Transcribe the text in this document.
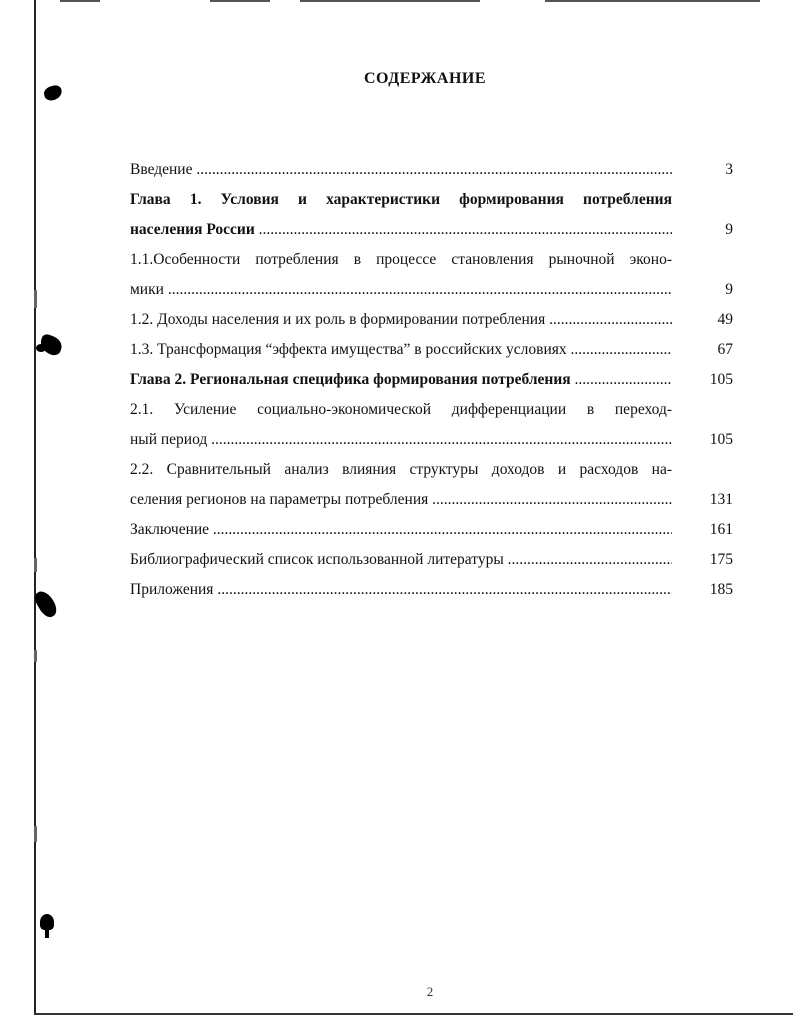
СОДЕРЖАНИЕ
Введение .....	3
Глава 1. Условия и характеристики формирования потребления
населения России .....	9
1.1.Особенности потребления в процессе становления рыночной эконо-
мики .....	9
1.2. Доходы населения и их роль в формировании потребления .....	49
1.3. Трансформация “эффекта имущества” в российских условиях .....	67
Глава 2. Региональная специфика формирования потребления .....	105
2.1. Усиление социально-экономической дифференциации в переход-
ный период .....	105
2.2. Сравнительный анализ влияния структуры доходов и расходов на-
селения регионов на параметры потребления .....	131
Заключение .....	161
Библиографический список использованной литературы .....	175
Приложения .....	185
2
